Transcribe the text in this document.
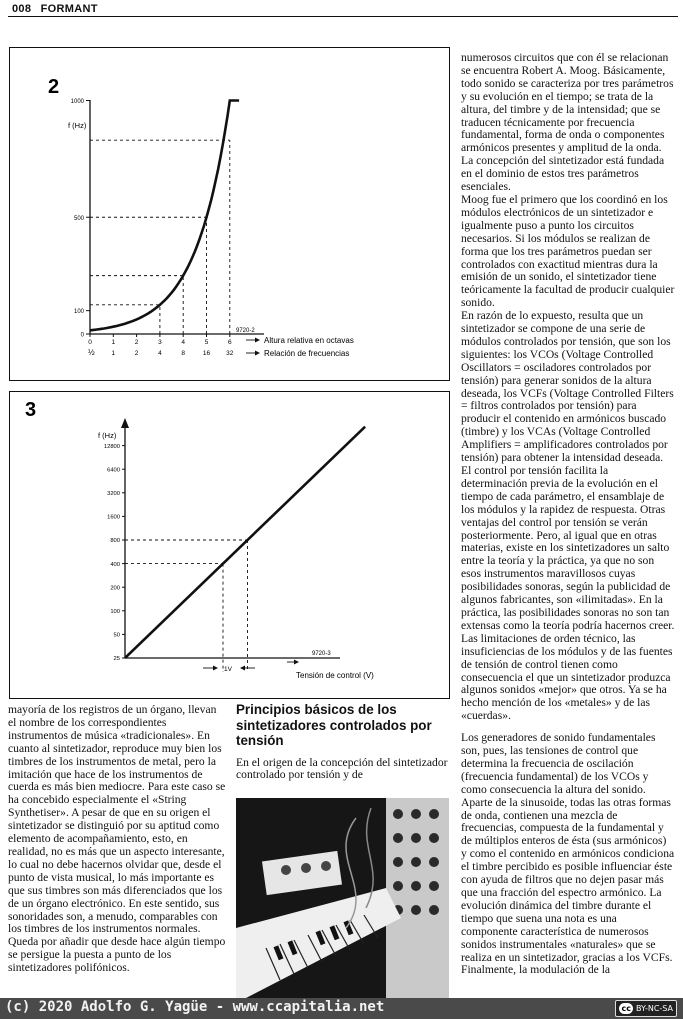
008 FORMANT
2
f (Hz)
1000
500
100
0
0	1	2	3	4	5	6
1	2	4	8	16 32
9720-2
½
Altura relativa en octavas
Relación de frecuencias
3
f (Hz)
12800
6400
3200
1600
800
400
200
100
50
25
9720-3
1V
Tensión de control (V)

numerosos circuitos que con él se relacionan se encuentra Robert A. Moog. Básicamente, todo sonido se caracteriza por tres parámetros y su evolución en el tiempo; se trata de la altura, del timbre y de la intensidad; que se traducen técnicamente por frecuencia fundamental, forma de onda o componentes armónicos presentes y amplitud de la onda. La concepción del sintetizador está fundada en el dominio de estos tres parámetros esenciales.

Moog fue el primero que los coordinó en los módulos electrónicos de un sintetizador e igualmente puso a punto los circuitos necesarios. Si los módulos se realizan de forma que los tres parámetros puedan ser controlados con exactitud mientras dura la emisión de un sonido, el sintetizador tiene teóricamente la facultad de producir cualquier sonido.

En razón de lo expuesto, resulta que un sintetizador se compone de una serie de módulos controlados por tensión, que son los siguientes: los VCOs (Voltage Controlled Oscillators = osciladores controlados por tensión) para generar sonidos de la altura deseada, los VCFs (Voltage Controlled Filters = filtros controlados por tensión) para producir el contenido en armónicos buscado (timbre) y los VCAs (Voltage Controlled Amplifiers = amplificadores controlados por tensión) para obtener la intensidad deseada. El control por tensión facilita la determinación previa de la evolución en el tiempo de cada parámetro, el ensamblaje de los módulos y la rapidez de respuesta. Otras ventajas del control por tensión se verán posteriormente. Pero, al igual que en otras materias, existe en los sintetizadores un salto entre la teoría y la práctica, ya que no son esos instrumentos maravillosos cuyas posibilidades sonoras, según la publicidad de algunos fabricantes, son «ilimitadas». En la práctica, las posibilidades sonoras no son tan extensas como la teoría podría hacernos creer. Las limitaciones de orden técnico, las insuficiencias de los módulos y de las fuentes de tensión de control tienen como consecuencia el que un sintetizador produzca algunos sonidos «mejor» que otros. Ya se ha hecho mención de los «metales» y de las «cuerdas».

Los generadores de sonido fundamentales son, pues, las tensiones de control que determina la frecuencia de oscilación (frecuencia fundamental) de los VCOs y como consecuencia la altura del sonido. Aparte de la sinusoide, todas las otras formas de onda, contienen una mezcla de frecuencias, compuesta de la fundamental y de múltiplos enteros de ésta (sus armónicos) y como el contenido en armónicos condiciona el timbre percibido es posible influenciar éste con ayuda de filtros que no dejen pasar más que una fracción del espectro armónico. La evolución dinámica del timbre durante el tiempo que suena una nota es una componente característica de numerosos sonidos instrumentales «naturales» que se realiza en un sintetizador, gracias a los VCFs. Finalmente, la modulación de la

mayoría de los registros de un órgano, llevan el nombre de los correspondientes instrumentos de música «tradicionales». En cuanto al sintetizador, reproduce muy bien los timbres de los instrumentos de metal, pero la imitación que hace de los instrumentos de cuerda es más bien mediocre. Para este caso se ha concebido especialmente el «String Synthetiser». A pesar de que en su origen el sintetizador se distinguió por su aptitud como elemento de acompañamiento, esto, en realidad, no es más que un aspecto interesante, lo cual no debe hacernos olvidar que, desde el punto de vista musical, lo más importante es que sus timbres son más diferenciados que los de un órgano electrónico. En este sentido, sus sonoridades son, a menudo, comparables con los timbres de los instrumentos normales. Queda por añadir que desde hace algún tiempo se persigue la puesta a punto de los sintetizadores polifónicos.

Principios básicos de los sintetizadores controlados por tensión

En el origen de la concepción del sintetizador controlado por tensión y de

(c) 2020 Adolfo G. Yagüe - www.ccapitalia.net	cc BY-NC-SA
